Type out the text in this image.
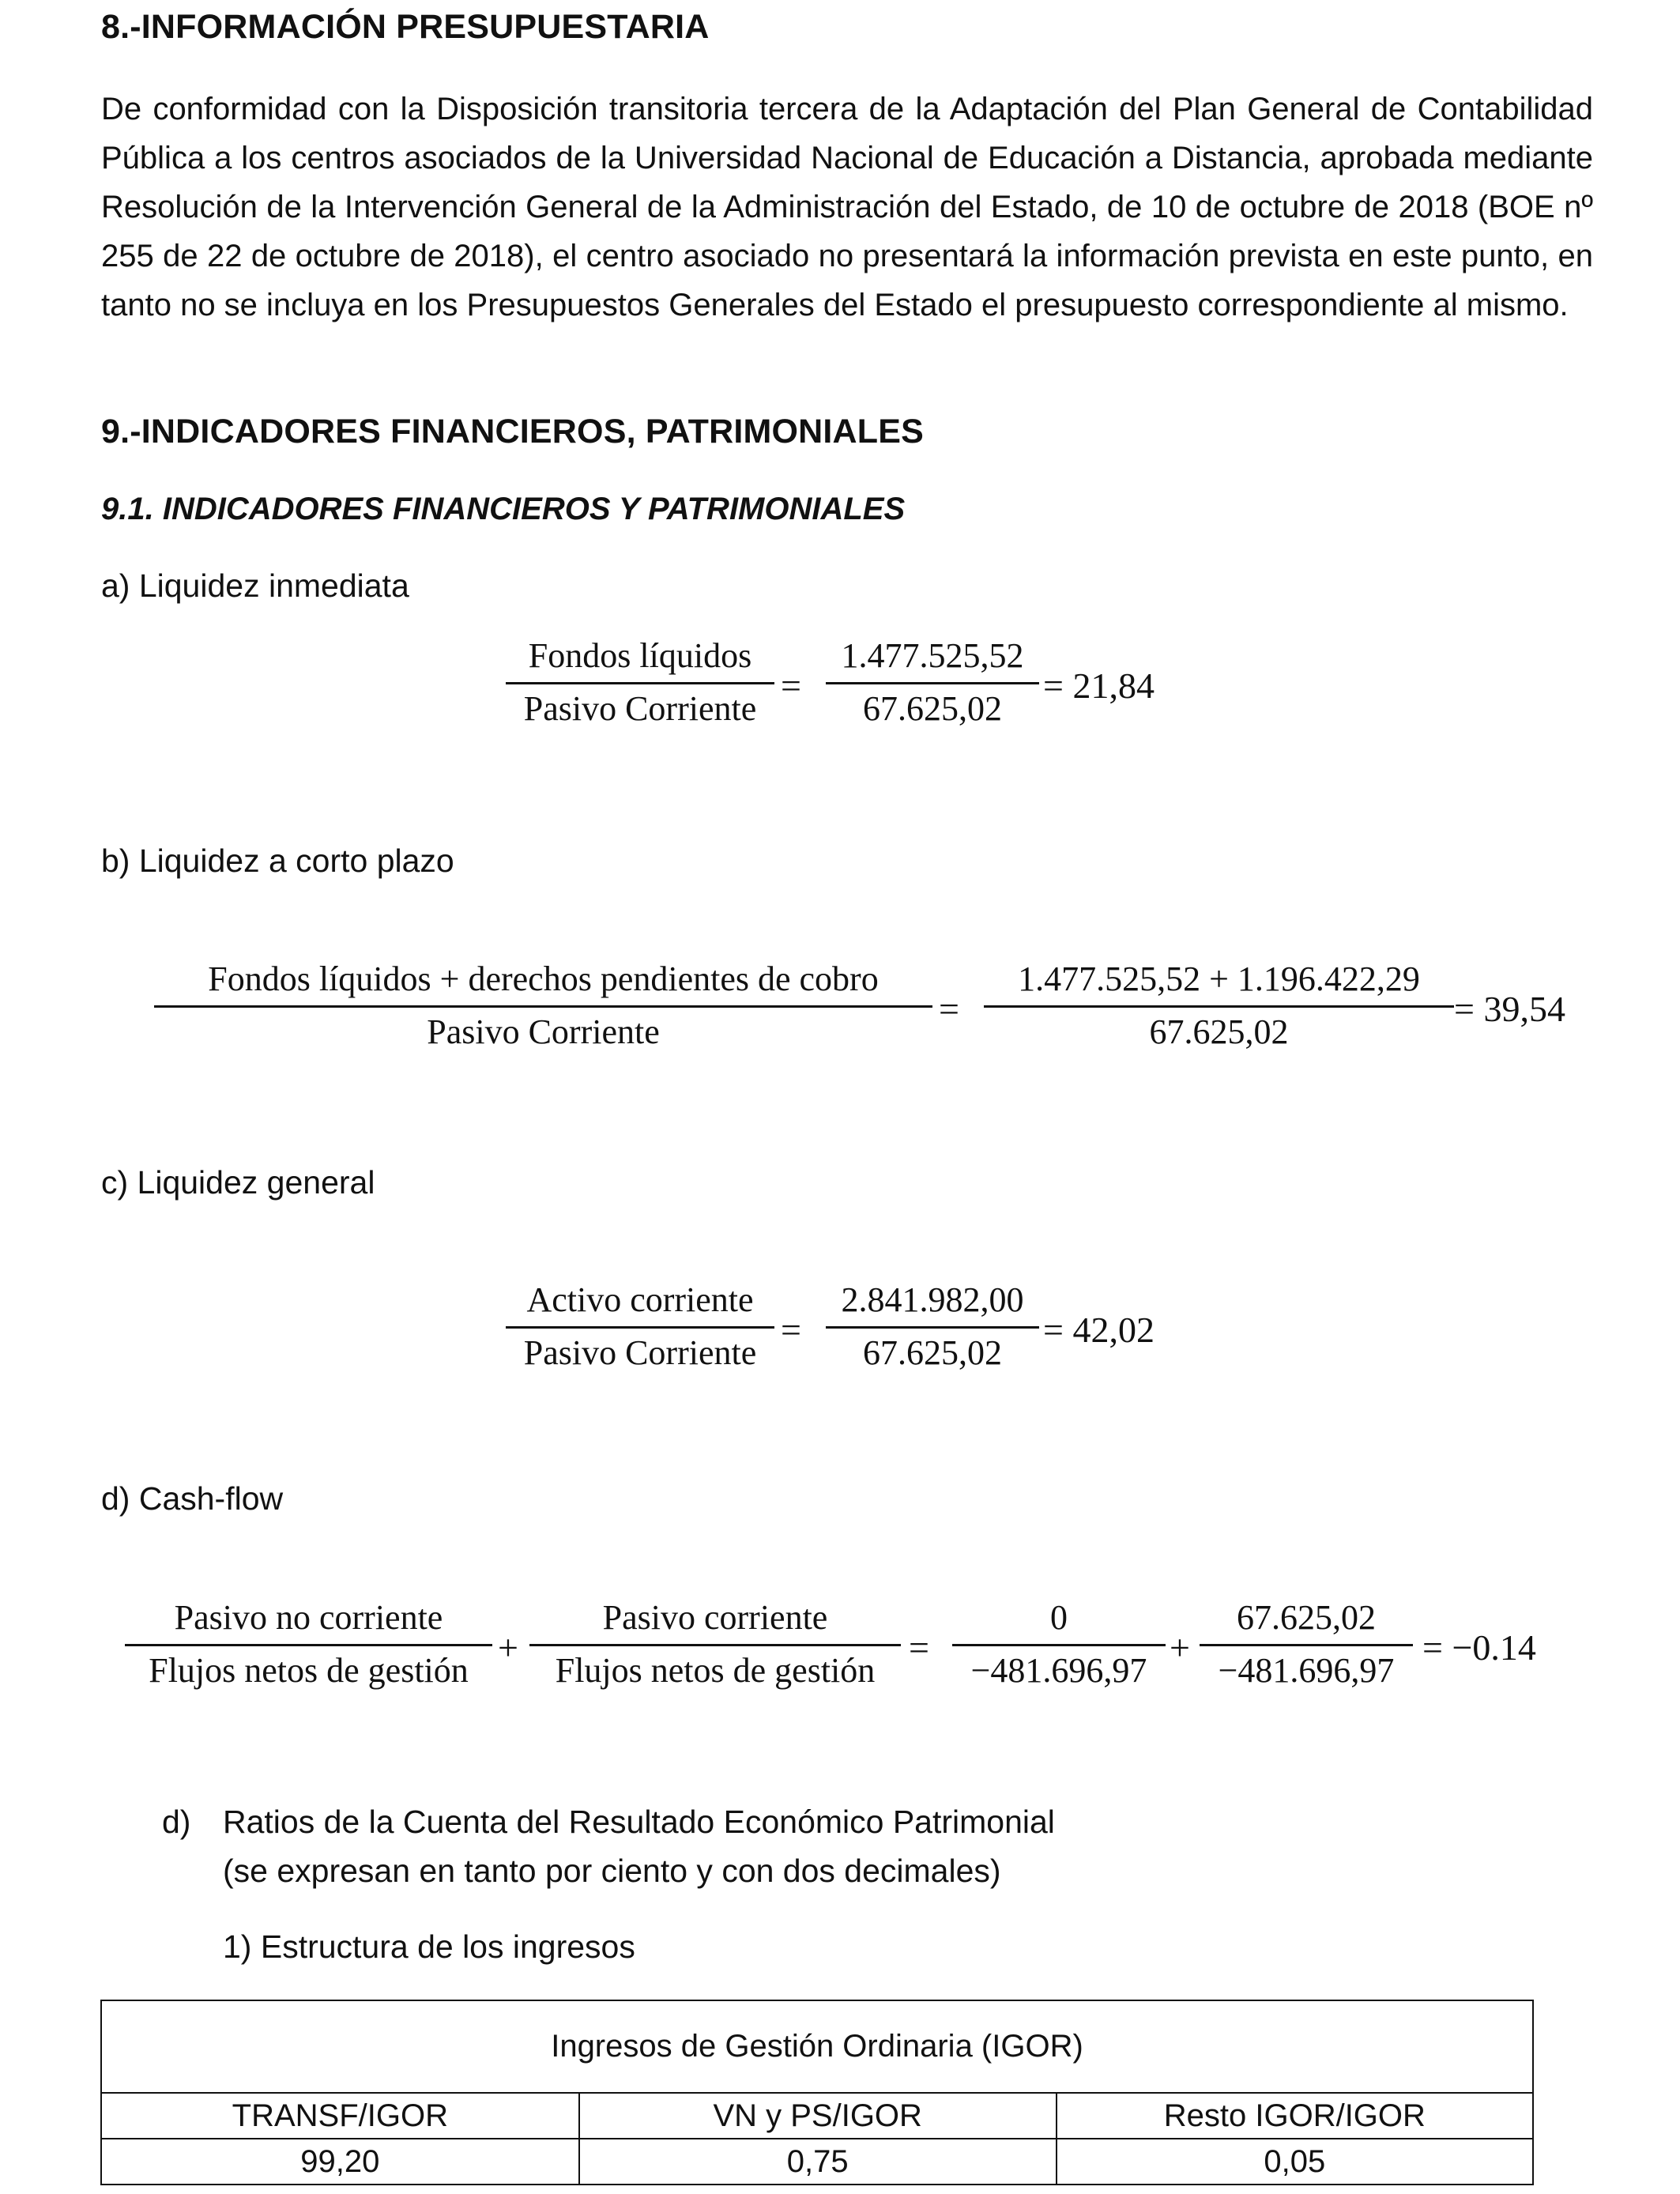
8.-INFORMACIÓN PRESUPUESTARIA
De conformidad con la Disposición transitoria tercera de la Adaptación del Plan General de Contabilidad Pública a los centros asociados de la Universidad Nacional de Educación a Distancia, aprobada mediante Resolución de la Intervención General de la Administración del Estado, de 10 de octubre de 2018 (BOE nº 255 de 22 de octubre de 2018), el centro asociado no presentará la información prevista en este punto, en tanto no se incluya en los Presupuestos Generales del Estado el presupuesto correspondiente al mismo.
9.-INDICADORES FINANCIEROS, PATRIMONIALES
9.1. INDICADORES FINANCIEROS Y PATRIMONIALES
a) Liquidez inmediata
Fondos líquidos
Pasivo Corriente
=
1.477.525,52
67.625,02
= 21,84
b) Liquidez a corto plazo
Fondos líquidos + derechos pendientes de cobro
Pasivo Corriente
=
1.477.525,52 + 1.196.422,29
67.625,02
= 39,54
c) Liquidez general
Activo corriente
Pasivo Corriente
=
2.841.982,00
67.625,02
= 42,02
d) Cash-flow
Pasivo no corriente
Flujos netos de gestión
+
Pasivo corriente
Flujos netos de gestión
=
0
−481.696,97
+
67.625,02
−481.696,97
= −0.14
d) Ratios de la Cuenta del Resultado Económico Patrimonial
(se expresan en tanto por ciento y con dos decimales)
1) Estructura de los ingresos
Ingresos de Gestión Ordinaria (IGOR)		
TRANSF/IGOR	VN y PS/IGOR	Resto IGOR/IGOR
99,20	0,75	0,05
